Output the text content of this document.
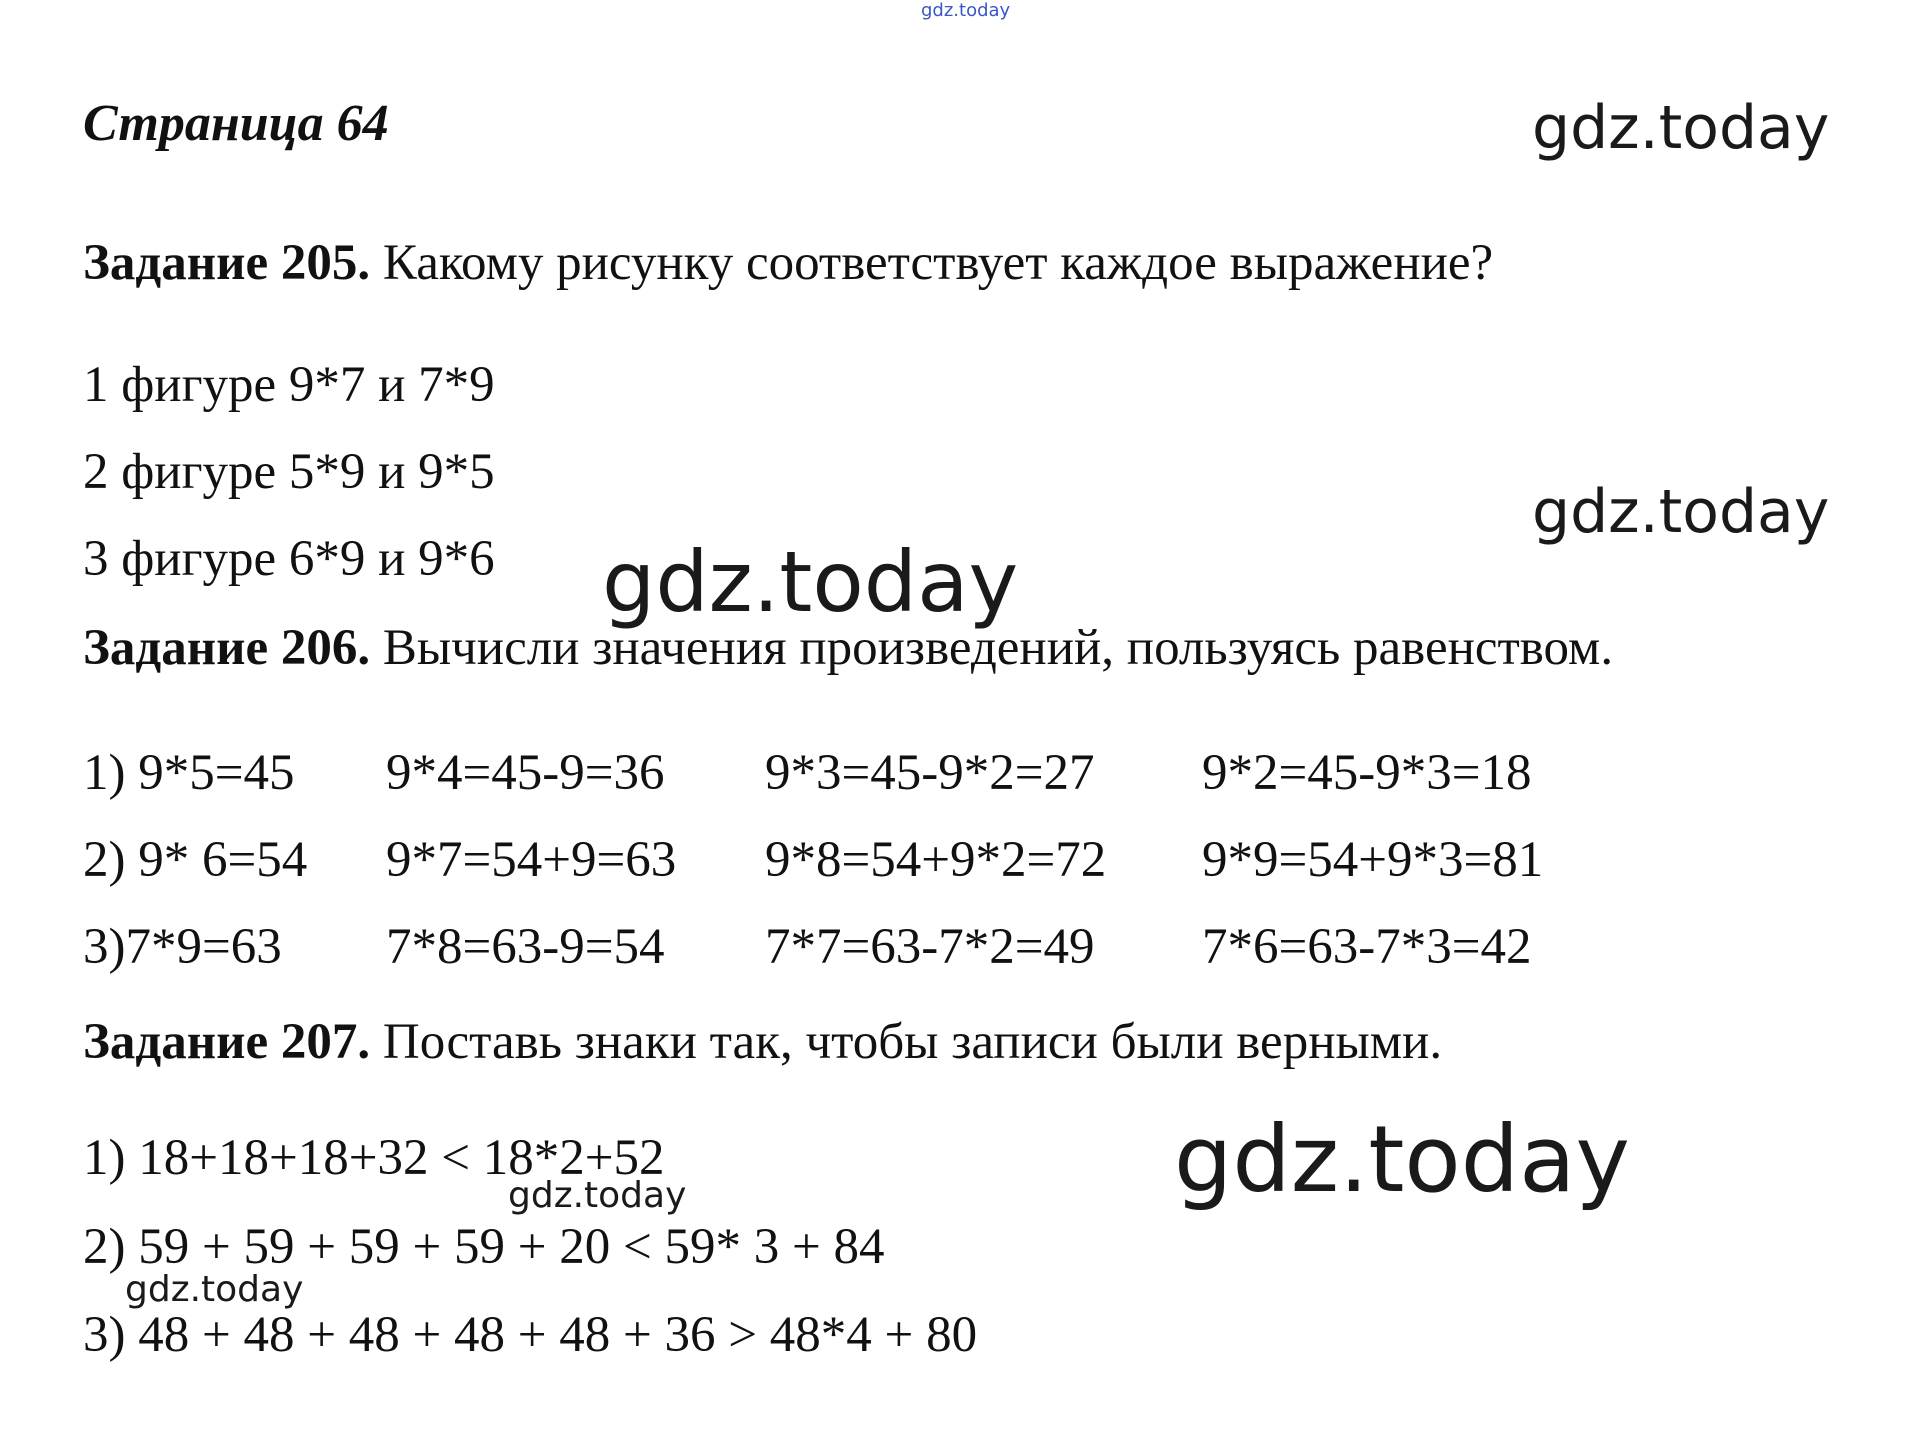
gdz.today
gdz.today
gdz.today
Страница 64
Задание 205. Какому рисунку соответствует каждое выражение?
1 фигуре 9*7 и 7*9
2 фигуре 5*9 и 9*5
3 фигуре 6*9 и 9*6
Задание 206. Вычисли значения произведений, пользуясь равенством.
1) 9*5=45 9*4=45-9=36 9*3=45-9*2=27 9*2=45-9*3=18
2) 9* 6=54 9*7=54+9=63 9*8=54+9*2=72 9*9=54+9*3=81
3)7*9=63 7*8=63-9=54 7*7=63-7*2=49 7*6=63-7*3=42
Задание 207. Поставь знаки так, чтобы записи были верными.
1) 18+18+18+32 < 18*2+52
2) 59 + 59 + 59 + 59 + 20 < 59* 3 + 84
3) 48 + 48 + 48 + 48 + 48 + 36 > 48*4 + 80
gdz.today
gdz.today
gdz.today
gdz.today
